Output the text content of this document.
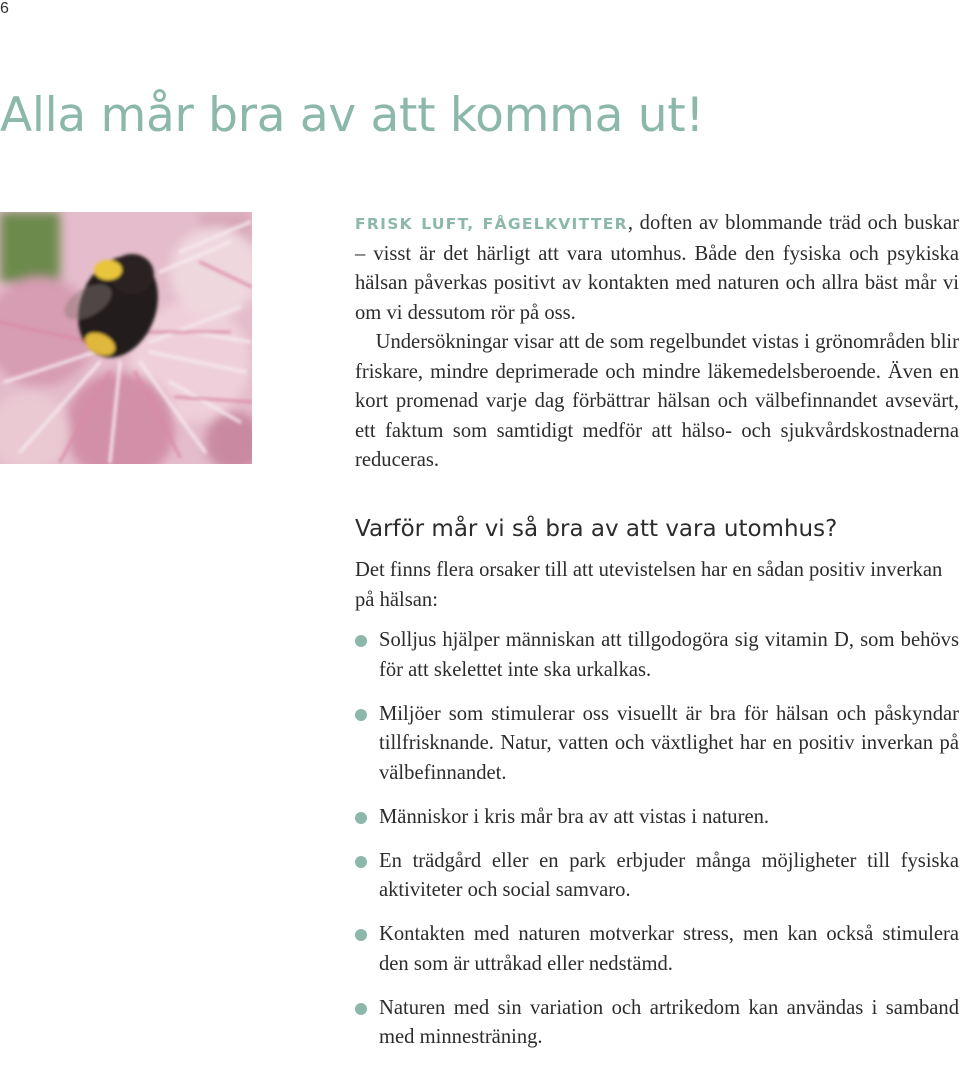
6
Alla mår bra av att komma ut!

FRISK LUFT, FÅGELKVITTER, doften av blommande träd och buskar – visst är det härligt att vara utomhus. Både den fysiska och psykiska hälsan påverkas positivt av kontakten med naturen och allra bäst mår vi om vi dessutom rör på oss.

Undersökningar visar att de som regelbundet vistas i grönområden blir friskare, mindre deprimerade och mindre läkemedelsberoende. Även en kort promenad varje dag förbättrar hälsan och välbefinnandet avsevärt, ett faktum som samtidigt medför att hälso- och sjukvårdskostnaderna reduceras.

Varför mår vi så bra av att vara utomhus?

Det finns flera orsaker till att utevistelsen har en sådan positiv inverkan på hälsan:

Solljus hjälper människan att tillgodogöra sig vitamin D, som behövs för att skelettet inte ska urkalkas.
Miljöer som stimulerar oss visuellt är bra för hälsan och påskyndar tillfrisknande. Natur, vatten och växtlighet har en positiv inverkan på välbefinnandet.
Människor i kris mår bra av att vistas i naturen.
En trädgård eller en park erbjuder många möjligheter till fysiska aktiviteter och social samvaro.
Kontakten med naturen motverkar stress, men kan också stimulera den som är uttråkad eller nedstämd.
Naturen med sin variation och artrikedom kan användas i samband med minnesträning.
